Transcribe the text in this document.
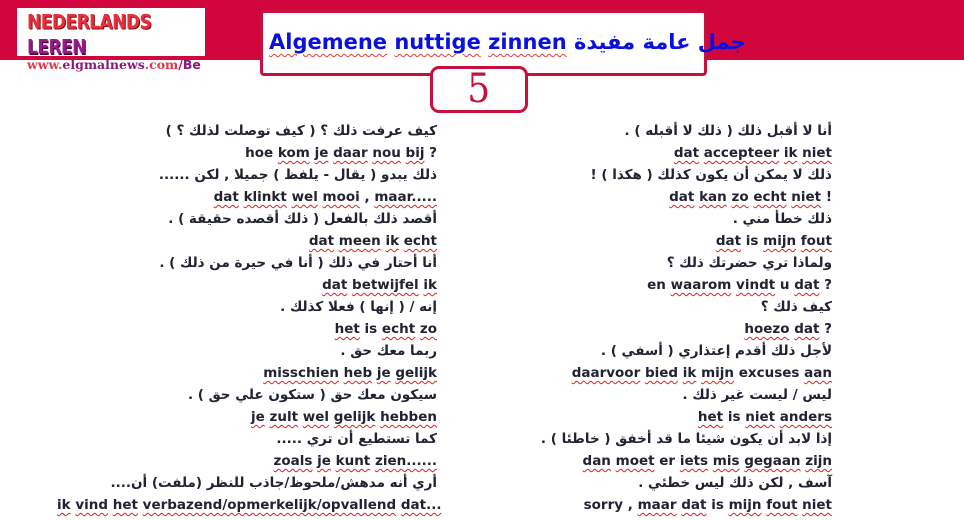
NEDERLANDS LEREN
www.elgmalnews.com/Be
Algemene nuttige zinnen جمل عامة مفيدة
5
أنا لا أقبل ذلك ( ذلك لا أقبله ) .
dat accepteer ik niet
ذلك لا يمكن أن يكون كذلك ( هكذا ) !
dat kan zo echt niet !
ذلك خطأ مني .
dat is mijn fout
ولماذا تري حضرتك ذلك ؟
en waarom vindt u dat ?
كيف ذلك ؟
hoezo dat ?
لأجل ذلك أقدم إعتذاري ( أسفي ) .
daarvoor bied ik mijn excuses aan
ليس / ليست غير ذلك .
het is niet anders
إذا لابد أن يكون شيئا ما قد أخفق ( خاطئا ) .
dan moet er iets mis gegaan zijn
آسف , لكن ذلك ليس خطئي .
sorry , maar dat is mijn fout niet
كيف عرفت ذلك ؟ ( كيف توصلت لذلك ؟ )
hoe kom je daar nou bij ?
ذلك يبدو ( يقال - يلفظ ) جميلا , لكن ......
dat klinkt wel mooi , maar.....
أقصد ذلك بالفعل ( ذلك أقصده حقيقة ) .
dat meen ik echt
أنا أحتار في ذلك ( أنا في حيرة من ذلك ) .
dat betwijfel ik
إنه / ( إنها ) فعلا كذلك .
het is echt zo
ربما معك حق .
misschien heb je gelijk
سيكون معك حق ( ستكون علي حق ) .
je zult wel gelijk hebben
كما تستطيع أن تري .....
zoals je kunt zien......
أري أنه مدهش/ملحوظ/جاذب للنظر (ملفت) أن....
ik vind het verbazend/opmerkelijk/opvallend dat...
